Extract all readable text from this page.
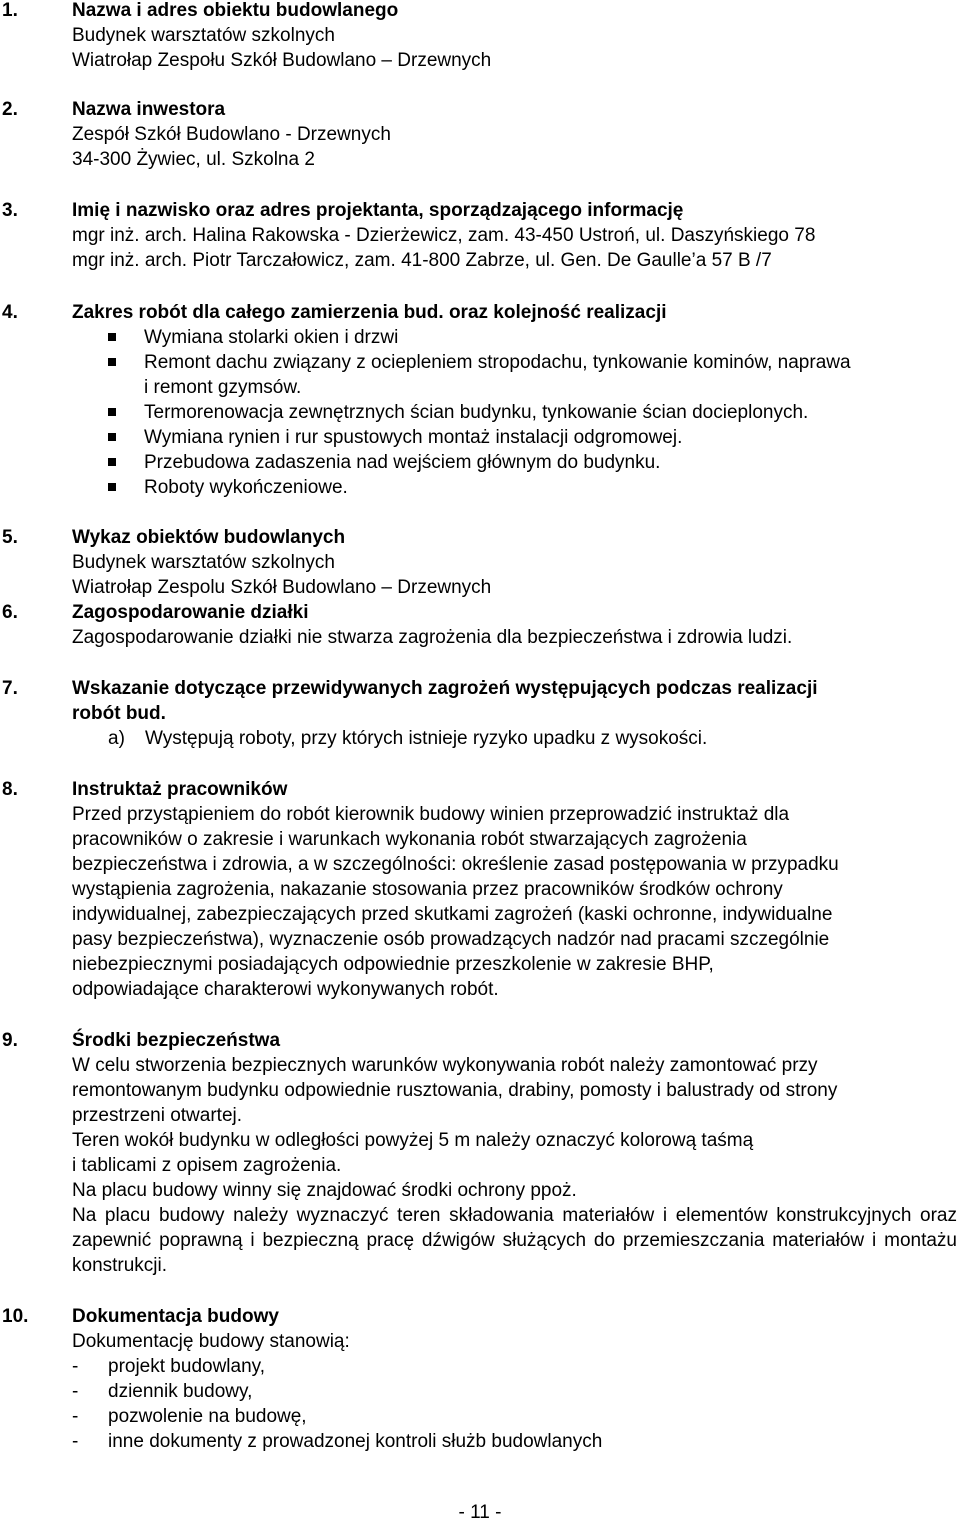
1.	Nazwa i adres obiektu budowlanego
Budynek warsztatów szkolnych
Wiatrołap Zespołu Szkół Budowlano – Drzewnych
2.	Nazwa inwestora
Zespół Szkół Budowlano - Drzewnych
34-300 Żywiec, ul. Szkolna 2
3.	Imię i nazwisko oraz adres projektanta, sporządzającego informację
mgr inż. arch. Halina Rakowska - Dzierżewicz, zam. 43-450 Ustroń, ul. Daszyńskiego 78
mgr inż. arch. Piotr Tarczałowicz, zam. 41-800 Zabrze, ul. Gen. De Gaulle’a 57 B /7
4.	Zakres robót dla całego zamierzenia bud. oraz kolejność realizacji
Wymiana stolarki okien i drzwi
Remont dachu związany z ociepleniem stropodachu, tynkowanie kominów, naprawa
i remont gzymsów.
Termorenowacja zewnętrznych ścian budynku, tynkowanie ścian docieplonych.
Wymiana rynien i rur spustowych montaż instalacji odgromowej.
Przebudowa zadaszenia nad wejściem głównym do budynku.
Roboty wykończeniowe.
5.	Wykaz obiektów budowlanych
Budynek warsztatów szkolnych
Wiatrołap Zespolu Szkół Budowlano – Drzewnych
6.	Zagospodarowanie działki
Zagospodarowanie działki nie stwarza zagrożenia dla bezpieczeństwa i zdrowia ludzi.
7.	Wskazanie dotyczące przewidywanych zagrożeń występujących podczas realizacji
robót bud.
a) Występują roboty, przy których istnieje ryzyko upadku z wysokości.
8.	Instruktaż pracowników
Przed przystąpieniem do robót kierownik budowy winien przeprowadzić instruktaż dla
pracowników o zakresie i warunkach wykonania robót stwarzających zagrożenia
bezpieczeństwa i zdrowia, a w szczególności: określenie zasad postępowania w przypadku
wystąpienia zagrożenia, nakazanie stosowania przez pracowników środków ochrony
indywidualnej, zabezpieczających przed skutkami zagrożeń (kaski ochronne, indywidualne
pasy bezpieczeństwa), wyznaczenie osób prowadzących nadzór nad pracami szczególnie
niebezpiecznymi posiadających odpowiednie przeszkolenie w zakresie BHP,
odpowiadające charakterowi wykonywanych robót.
9.	Środki bezpieczeństwa
W celu stworzenia bezpiecznych warunków wykonywania robót należy zamontować przy
remontowanym budynku odpowiednie rusztowania, drabiny, pomosty i balustrady od strony
przestrzeni otwartej.
Teren wokół budynku w odległości powyżej 5 m należy oznaczyć kolorową taśmą
i tablicami z opisem zagrożenia.
Na placu budowy winny się znajdować środki ochrony ppoż.
Na placu budowy należy wyznaczyć teren składowania materiałów i elementów konstrukcyjnych oraz zapewnić poprawną i bezpieczną pracę dźwigów służących do przemieszczania materiałów i montażu konstrukcji.
10. Dokumentacja budowy
Dokumentację budowy stanowią:
- projekt budowlany,
- dziennik budowy,
- pozwolenie na budowę,
- inne dokumenty z prowadzonej kontroli służb budowlanych
- 11 -
